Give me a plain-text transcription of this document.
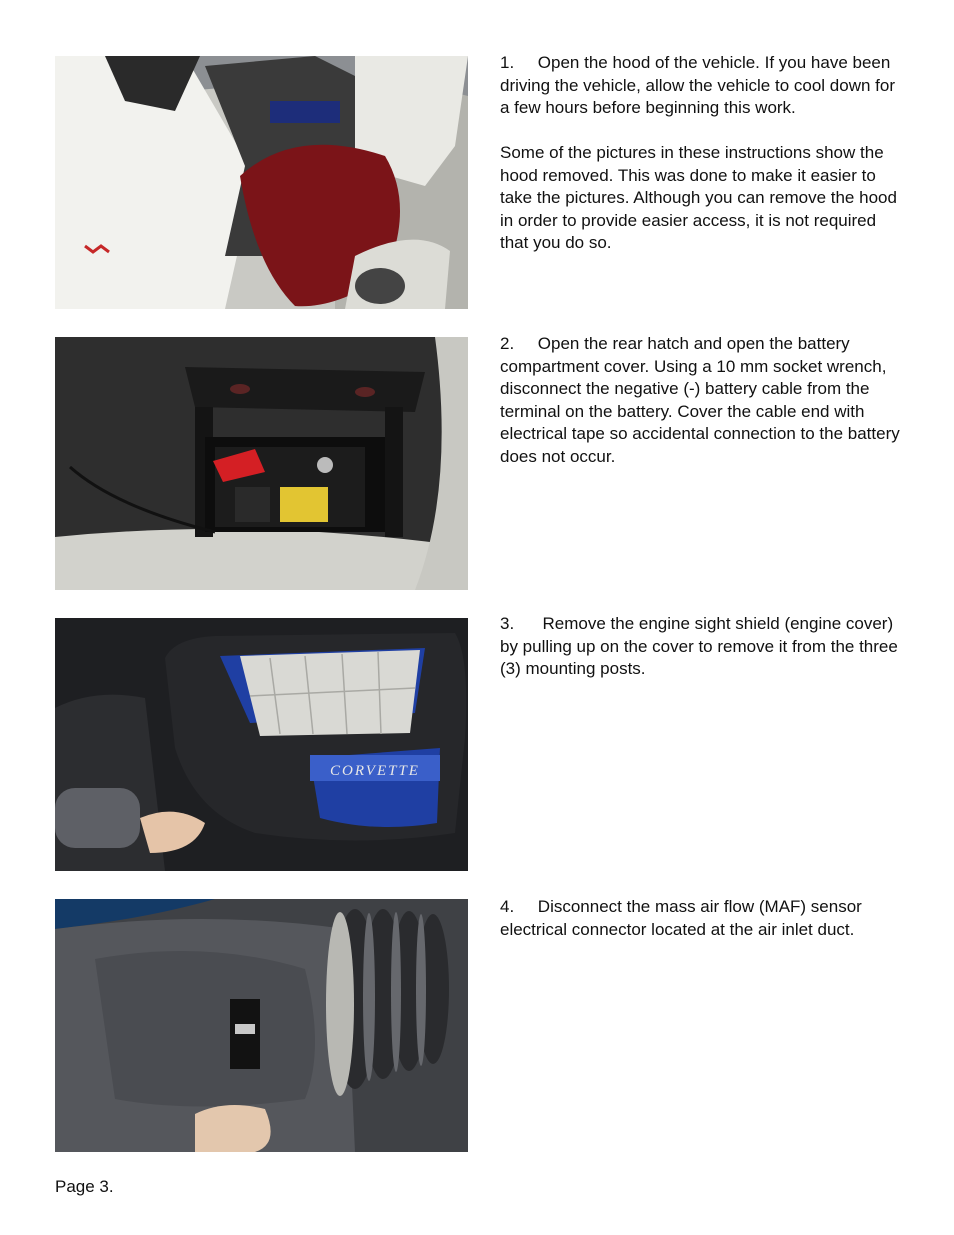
1.     Open the hood of the vehicle. If you have been driving the vehicle, allow the vehicle to cool down for a few hours before beginning this work.

Some of the pictures in these instructions show the hood removed. This was done to make it easier to take the pictures. Although you can remove the hood in order to provide easier access, it is not required that you do so.

2.     Open the rear hatch and open the battery compartment cover. Using a 10 mm socket wrench, disconnect the negative (-) battery cable from the terminal on the battery. Cover the cable end with electrical tape so accidental connection to the battery does not occur.

CORVETTE

3.      Remove the engine sight shield (engine cover) by pulling up on the cover to remove it from the three (3) mounting posts.

4.     Disconnect the mass air flow (MAF) sensor electrical connector located at the air inlet duct.

Page 3.
